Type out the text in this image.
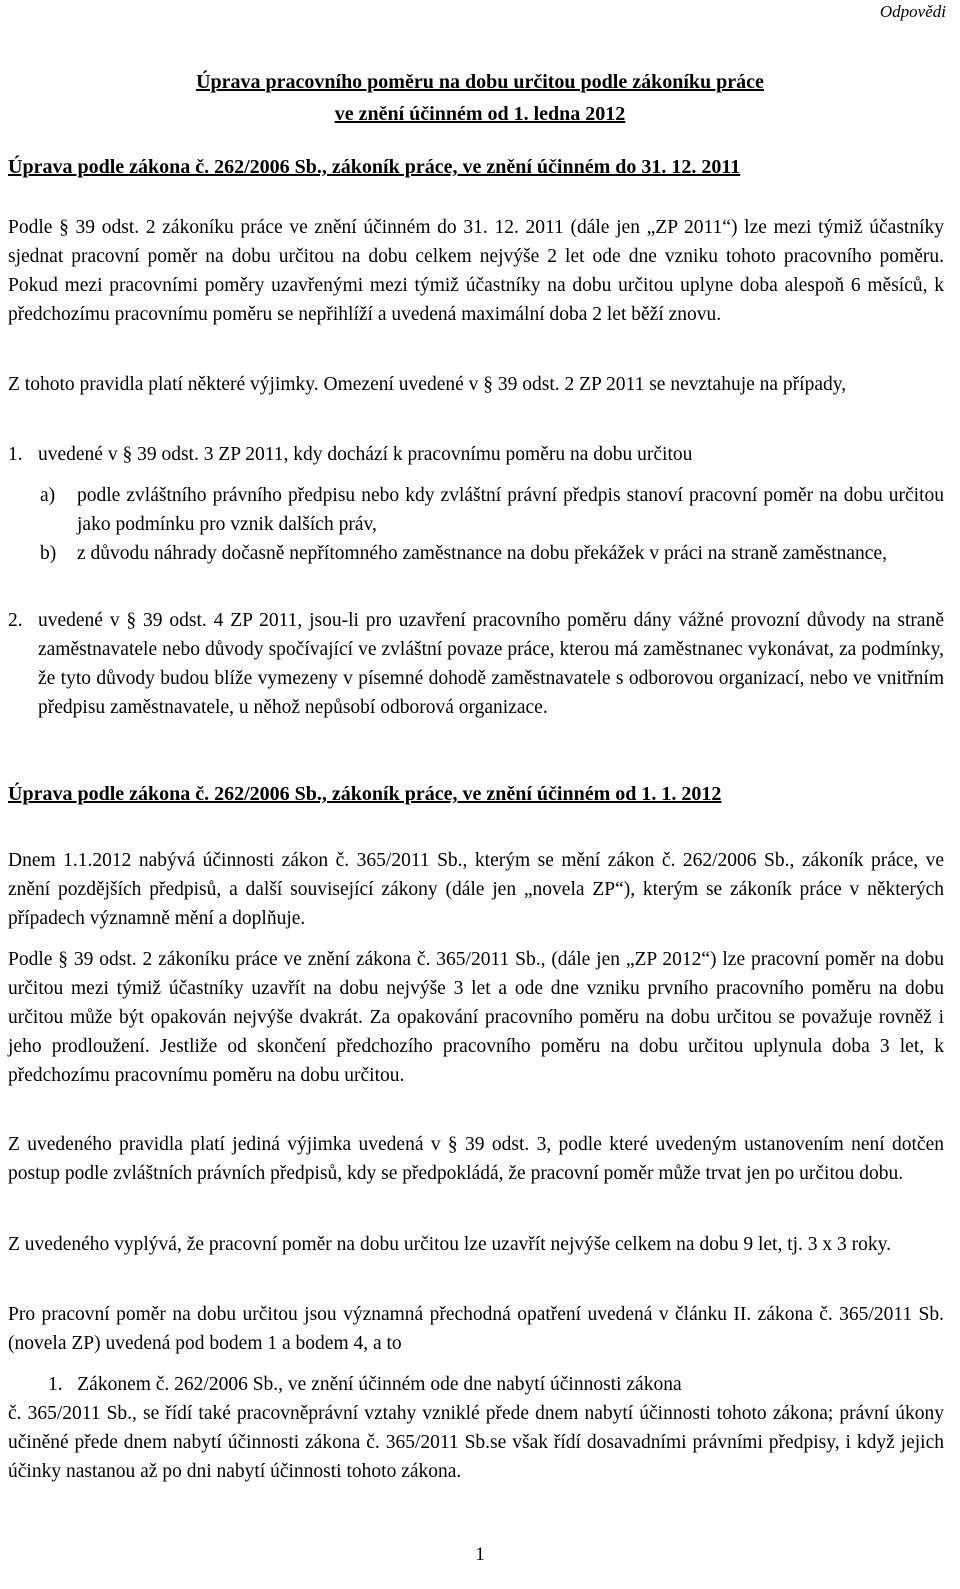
Odpovědi
Úprava pracovního poměru na dobu určitou podle zákoníku práce
ve znění účinném od 1. ledna 2012
Úprava podle zákona č. 262/2006 Sb., zákoník práce, ve znění účinném do 31. 12. 2011
Podle § 39 odst. 2 zákoníku práce ve znění účinném do 31. 12. 2011 (dále jen „ZP 2011“) lze mezi týmiž účastníky sjednat pracovní poměr na dobu určitou na dobu celkem nejvýše 2 let ode dne vzniku tohoto pracovního poměru. Pokud mezi pracovními poměry uzavřenými mezi týmiž účastníky na dobu určitou uplyne doba alespoň 6 měsíců, k předchozímu pracovnímu poměru se nepřihlíží a uvedená maximální doba 2 let běží znovu.
Z tohoto pravidla platí některé výjimky. Omezení uvedené v § 39 odst. 2 ZP 2011 se nevztahuje na případy,
1. uvedené v § 39 odst. 3 ZP 2011, kdy dochází k pracovnímu poměru na dobu určitou
a)	podle zvláštního právního předpisu nebo kdy zvláštní právní předpis stanoví pracovní poměr na dobu určitou jako podmínku pro vznik dalších práv,
b)	z důvodu náhrady dočasně nepřítomného zaměstnance na dobu překážek v práci na straně zaměstnance,
2. uvedené v § 39 odst. 4 ZP 2011, jsou-li pro uzavření pracovního poměru dány vážné provozní důvody na straně zaměstnavatele nebo důvody spočívající ve zvláštní povaze práce, kterou má zaměstnanec vykonávat, za podmínky, že tyto důvody budou blíže vymezeny v písemné dohodě zaměstnavatele s odborovou organizací, nebo ve vnitřním předpisu zaměstnavatele, u něhož nepůsobí odborová organizace.
Úprava podle zákona č. 262/2006 Sb., zákoník práce, ve znění účinném od 1. 1. 2012
Dnem 1.1.2012 nabývá účinnosti zákon č. 365/2011 Sb., kterým se mění zákon č. 262/2006 Sb., zákoník práce, ve znění pozdějších předpisů, a další související zákony (dále jen „novela ZP“), kterým se zákoník práce v některých případech významně mění a doplňuje.
Podle § 39 odst. 2 zákoníku práce ve znění zákona č. 365/2011 Sb., (dále jen „ZP 2012“) lze pracovní poměr na dobu určitou mezi týmiž účastníky uzavřít na dobu nejvýše 3 let a ode dne vzniku prvního pracovního poměru na dobu určitou může být opakován nejvýše dvakrát. Za opakování pracovního poměru na dobu určitou se považuje rovněž i jeho prodloužení. Jestliže od skončení předchozího pracovního poměru na dobu určitou uplynula doba 3 let, k předchozímu pracovnímu poměru na dobu určitou.
Z uvedeného pravidla platí jediná výjimka uvedená v § 39 odst. 3, podle které uvedeným ustanovením není dotčen postup podle zvláštních právních předpisů, kdy se předpokládá, že pracovní poměr může trvat jen po určitou dobu.
Z uvedeného vyplývá, že pracovní poměr na dobu určitou lze uzavřít nejvýše celkem na dobu 9 let, tj. 3 x 3 roky.
Pro pracovní poměr na dobu určitou jsou významná přechodná opatření uvedená v článku II. zákona č. 365/2011 Sb. (novela ZP) uvedená pod bodem 1 a bodem 4, a to
1. Zákonem č. 262/2006 Sb., ve znění účinném ode dne nabytí účinnosti zákona
č. 365/2011 Sb., se řídí také pracovněprávní vztahy vzniklé přede dnem nabytí účinnosti tohoto zákona; právní úkony učiněné přede dnem nabytí účinnosti zákona č. 365/2011 Sb.se však řídí dosavadními právními předpisy, i když jejich účinky nastanou až po dni nabytí účinnosti tohoto zákona.
1
